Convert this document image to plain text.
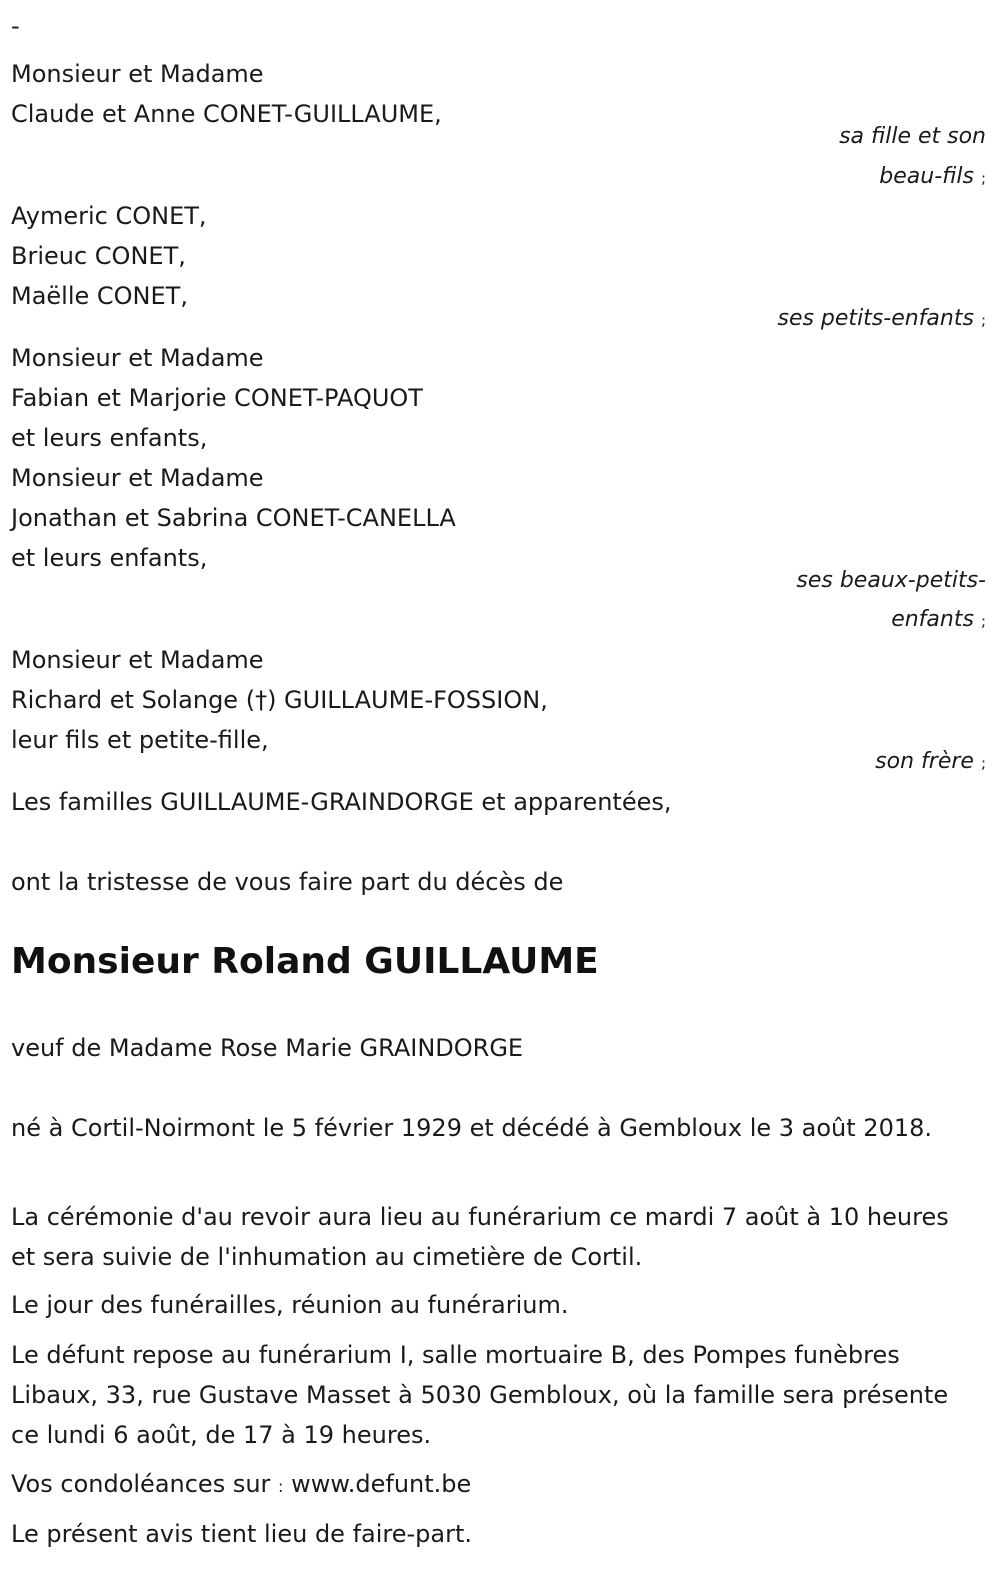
-
Monsieur et Madame
Claude et Anne CONET-GUILLAUME,
sa fille et son
beau-fils ;
Aymeric CONET,
Brieuc CONET,
Maëlle CONET,
ses petits-enfants ;
Monsieur et Madame
Fabian et Marjorie CONET-PAQUOT
et leurs enfants,
Monsieur et Madame
Jonathan et Sabrina CONET-CANELLA
et leurs enfants,
ses beaux-petits-
enfants ;
Monsieur et Madame
Richard et Solange (†) GUILLAUME-FOSSION,
leur fils et petite-fille,
son frère ;
Les familles GUILLAUME-GRAINDORGE et apparentées,
ont la tristesse de vous faire part du décès de
Monsieur Roland GUILLAUME
veuf de Madame Rose Marie GRAINDORGE
né à Cortil-Noirmont le 5 février 1929 et décédé à Gembloux le 3 août 2018.
La cérémonie d'au revoir aura lieu au funérarium ce mardi 7 août à 10 heures et sera suivie de l'inhumation au cimetière de Cortil.
Le jour des funérailles, réunion au funérarium.
Le défunt repose au funérarium I, salle mortuaire B, des Pompes funèbres Libaux, 33, rue Gustave Masset à 5030 Gembloux, où la famille sera présente ce lundi 6 août, de 17 à 19 heures.
Vos condoléances sur : www.defunt.be
Le présent avis tient lieu de faire-part.
